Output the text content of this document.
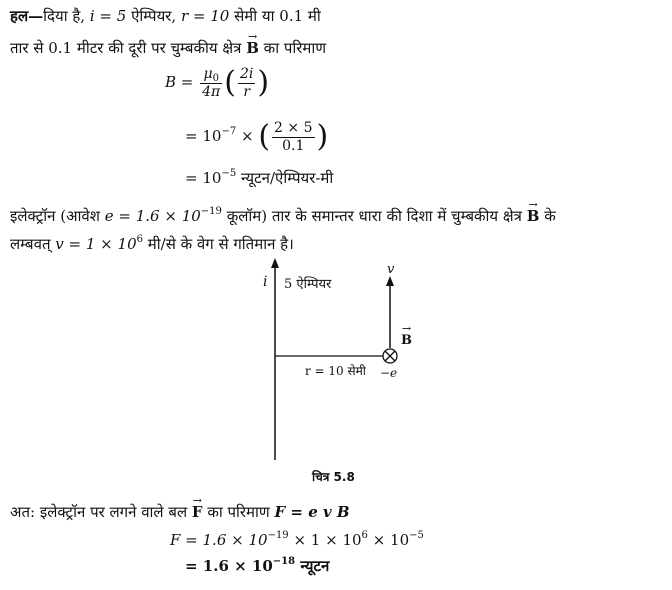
हल—दिया है, i = 5 ऐम्पियर, r = 10 सेमी या 0.1 मी
तार से 0.1 मीटर की दूरी पर चुम्बकीय क्षेत्र → B का परिमाण
$B = \frac{\mu_0}{4\pi}$ ( $\frac{2i}{r}$ )
= $10^{-7}$ × ( $\frac{2 \times 5}{0.1}$ )
= $10^{-5}$ न्यूटन/ऐम्पियर-मी
इलेक्ट्रॉन (आवेश $e = 1.6 \times 10^{-19}$ कूलॉम) तार के समान्तर धारा की दिशा में चुम्बकीय क्षेत्र → B के
लम्बवत् $v = 1 \times 10^6$ मी/से के वेग से गतिमान है।
i 5 ऐम्पियर
v
→ B
r = 10 सेमी −e
चित्र 5.8
अत: इलेक्ट्रॉन पर लगने वाले बल → F का परिमाण F = e v B
$F = 1.6 \times 10^{-19} \times 1 \times 10^6 \times 10^{-5}$
= $1.6 \times 10^{-18}$ न्यूटन
